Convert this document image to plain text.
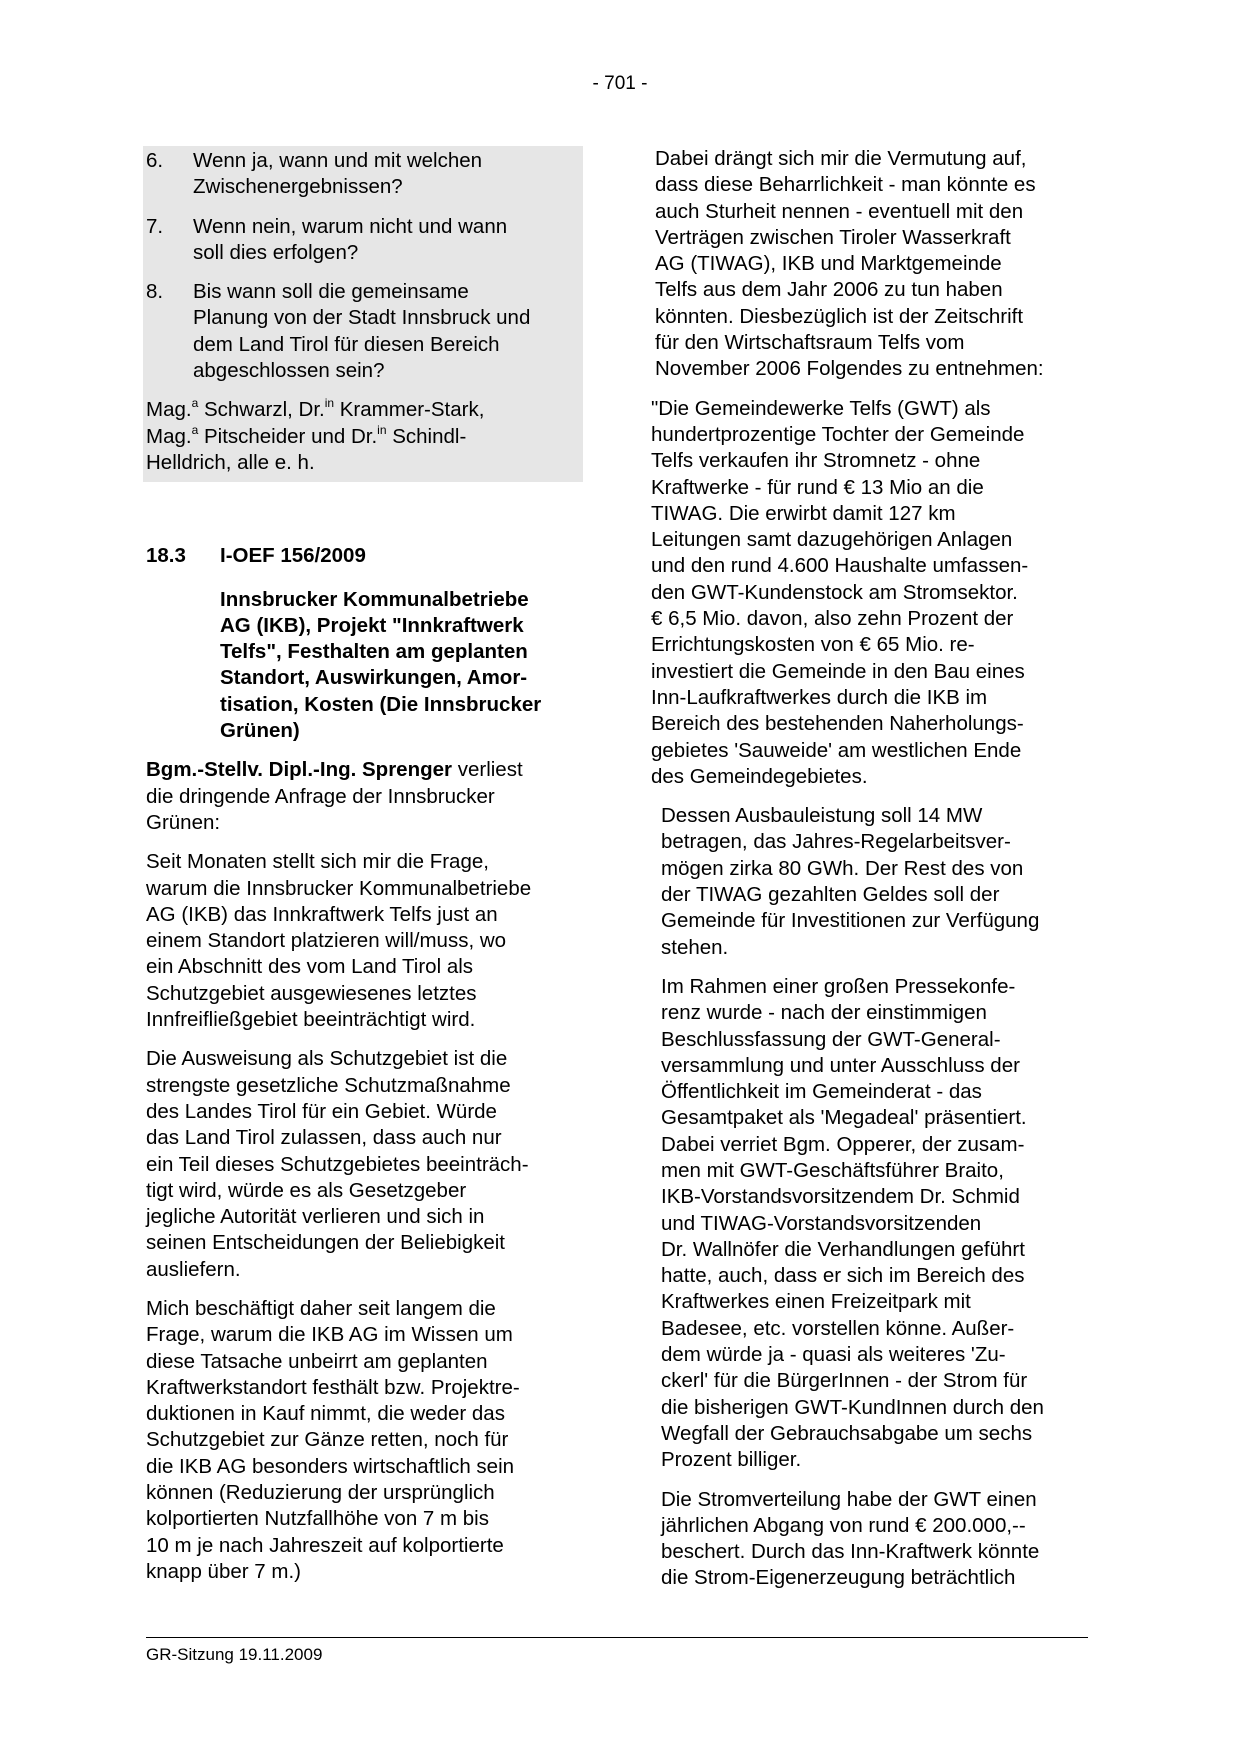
- 701 -
6.	Wenn ja, wann und mit welchen
Zwischenergebnissen?
7.	Wenn nein, warum nicht und wann
soll dies erfolgen?
8.	Bis wann soll die gemeinsame
Planung von der Stadt Innsbruck und
dem Land Tirol für diesen Bereich
abgeschlossen sein?
Mag.$^a$ Schwarzl, Dr.$^{in}$ Krammer-Stark,
Mag.$^a$ Pitscheider und Dr.$^{in}$ Schindl-
Helldrich, alle e. h.
18.3	I-OEF 156/2009
Innsbrucker Kommunalbetriebe
AG (IKB), Projekt "Innkraftwerk
Telfs", Festhalten am geplanten
Standort, Auswirkungen, Amor-
tisation, Kosten (Die Innsbrucker
Grünen)
Bgm.-Stellv. Dipl.-Ing. Sprenger verliest
die dringende Anfrage der Innsbrucker
Grünen:
Seit Monaten stellt sich mir die Frage,
warum die Innsbrucker Kommunalbetriebe
AG (IKB) das Innkraftwerk Telfs just an
einem Standort platzieren will/muss, wo
ein Abschnitt des vom Land Tirol als
Schutzgebiet ausgewiesenes letztes
Innfreifließgebiet beeinträchtigt wird.
Die Ausweisung als Schutzgebiet ist die
strengste gesetzliche Schutzmaßnahme
des Landes Tirol für ein Gebiet. Würde
das Land Tirol zulassen, dass auch nur
ein Teil dieses Schutzgebietes beeinträch-
tigt wird, würde es als Gesetzgeber
jegliche Autorität verlieren und sich in
seinen Entscheidungen der Beliebigkeit
ausliefern.
Mich beschäftigt daher seit langem die
Frage, warum die IKB AG im Wissen um
diese Tatsache unbeirrt am geplanten
Kraftwerkstandort festhält bzw. Projektre-
duktionen in Kauf nimmt, die weder das
Schutzgebiet zur Gänze retten, noch für
die IKB AG besonders wirtschaftlich sein
können (Reduzierung der ursprünglich
kolportierten Nutzfallhöhe von 7 m bis
10 m je nach Jahreszeit auf kolportierte
knapp über 7 m.)
Dabei drängt sich mir die Vermutung auf,
dass diese Beharrlichkeit - man könnte es
auch Sturheit nennen - eventuell mit den
Verträgen zwischen Tiroler Wasserkraft
AG (TIWAG), IKB und Marktgemeinde
Telfs aus dem Jahr 2006 zu tun haben
könnten. Diesbezüglich ist der Zeitschrift
für den Wirtschaftsraum Telfs vom
November 2006 Folgendes zu entnehmen:
"Die Gemeindewerke Telfs (GWT) als
hundertprozentige Tochter der Gemeinde
Telfs verkaufen ihr Stromnetz - ohne
Kraftwerke - für rund € 13 Mio an die
TIWAG. Die erwirbt damit 127 km
Leitungen samt dazugehörigen Anlagen
und den rund 4.600 Haushalte umfassen-
den GWT-Kundenstock am Stromsektor.
€ 6,5 Mio. davon, also zehn Prozent der
Errichtungskosten von € 65 Mio. re-
investiert die Gemeinde in den Bau eines
Inn-Laufkraftwerkes durch die IKB im
Bereich des bestehenden Naherholungs-
gebietes 'Sauweide' am westlichen Ende
des Gemeindegebietes.
Dessen Ausbauleistung soll 14 MW
betragen, das Jahres-Regelarbeitsver-
mögen zirka 80 GWh. Der Rest des von
der TIWAG gezahlten Geldes soll der
Gemeinde für Investitionen zur Verfügung
stehen.
Im Rahmen einer großen Pressekonfe-
renz wurde - nach der einstimmigen
Beschlussfassung der GWT-General-
versammlung und unter Ausschluss der
Öffentlichkeit im Gemeinderat - das
Gesamtpaket als 'Megadeal' präsentiert.
Dabei verriet Bgm. Opperer, der zusam-
men mit GWT-Geschäftsführer Braito,
IKB-Vorstandsvorsitzendem Dr. Schmid
und TIWAG-Vorstandsvorsitzenden
Dr. Wallnöfer die Verhandlungen geführt
hatte, auch, dass er sich im Bereich des
Kraftwerkes einen Freizeitpark mit
Badesee, etc. vorstellen könne. Außer-
dem würde ja - quasi als weiteres 'Zu-
ckerl' für die BürgerInnen - der Strom für
die bisherigen GWT-KundInnen durch den
Wegfall der Gebrauchsabgabe um sechs
Prozent billiger.
Die Stromverteilung habe der GWT einen
jährlichen Abgang von rund € 200.000,--
beschert. Durch das Inn-Kraftwerk könnte
die Strom-Eigenerzeugung beträchtlich
GR-Sitzung 19.11.2009
